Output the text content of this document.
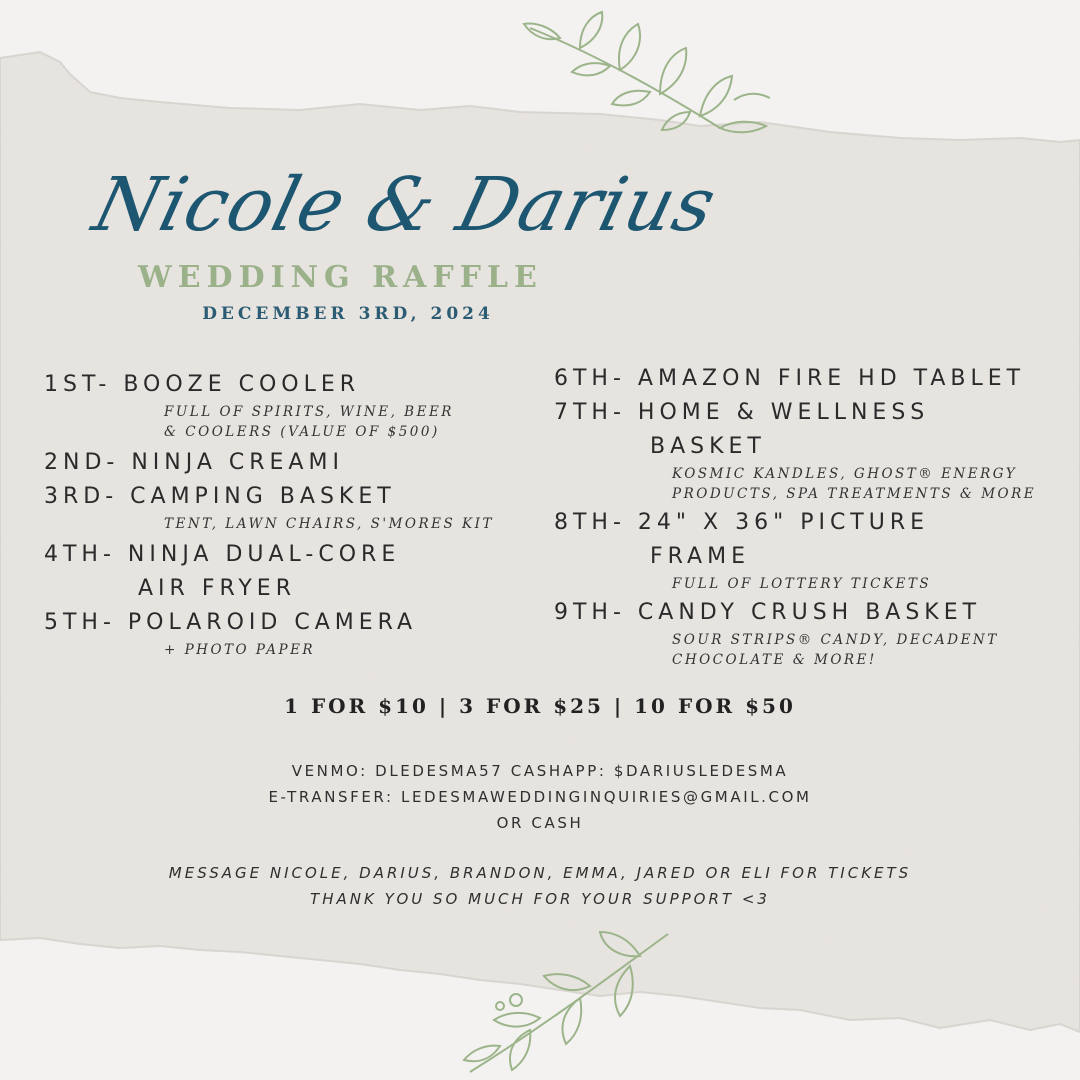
Nicole & Darius
WEDDING RAFFLE
DECEMBER 3RD, 2024
1ST- BOOZE COOLER
FULL OF SPIRITS, WINE, BEER
& COOLERS (VALUE OF $500)
2ND- NINJA CREAMI
3RD- CAMPING BASKET
TENT, LAWN CHAIRS, S'MORES KIT
4TH- NINJA DUAL-CORE
AIR FRYER
5TH- POLAROID CAMERA
+ PHOTO PAPER
6TH- AMAZON FIRE HD TABLET
7TH- HOME & WELLNESS
BASKET
KOSMIC KANDLES, GHOST® ENERGY
PRODUCTS, SPA TREATMENTS & MORE
8TH- 24" X 36" PICTURE
FRAME
FULL OF LOTTERY TICKETS
9TH- CANDY CRUSH BASKET
SOUR STRIPS® CANDY, DECADENT
CHOCOLATE & MORE!
1 FOR $10 | 3 FOR $25 | 10 FOR $50
VENMO: DLEDESMA57 CASHAPP: $DARIUSLEDESMA
E-TRANSFER: LEDESMAWEDDINGINQUIRIES@GMAIL.COM
OR CASH
MESSAGE NICOLE, DARIUS, BRANDON, EMMA, JARED OR ELI FOR TICKETS
THANK YOU SO MUCH FOR YOUR SUPPORT <3
